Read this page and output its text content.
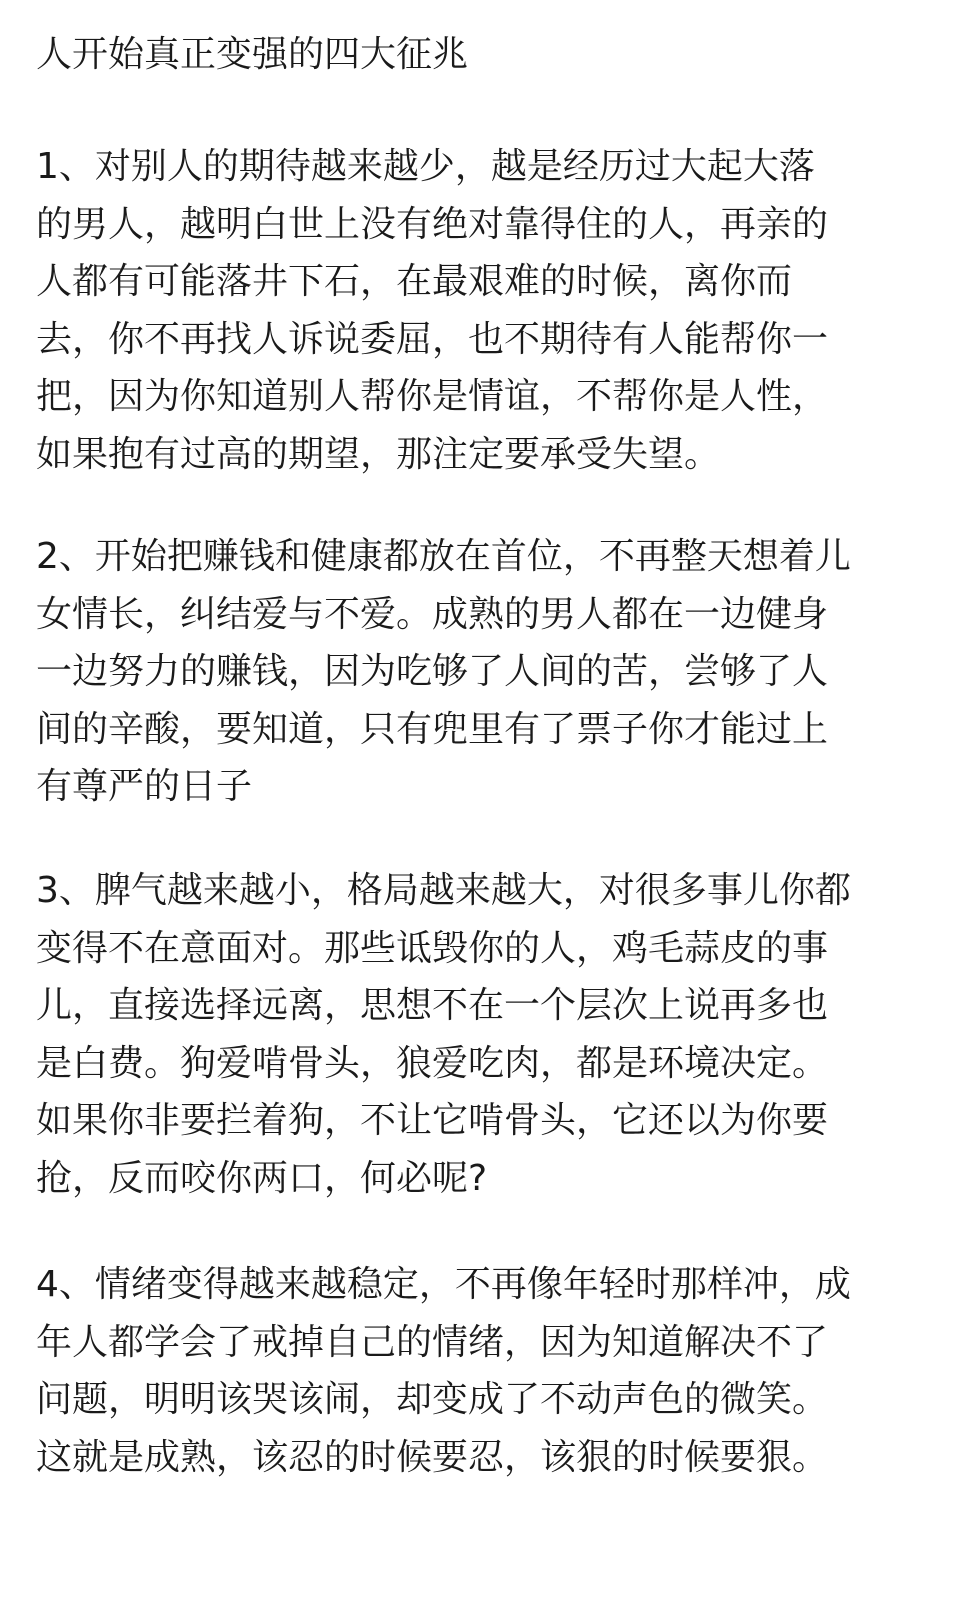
人开始真正变强的四大征兆
1、对别人的期待越来越少，越是经历过大起大落
的男人，越明白世上没有绝对靠得住的人，再亲的
人都有可能落井下石，在最艰难的时候，离你而
去，你不再找人诉说委屈，也不期待有人能帮你一
把，因为你知道别人帮你是情谊，不帮你是人性，
如果抱有过高的期望，那注定要承受失望。
2、开始把赚钱和健康都放在首位，不再整天想着儿
女情长，纠结爱与不爱。成熟的男人都在一边健身
一边努力的赚钱，因为吃够了人间的苦，尝够了人
间的辛酸，要知道，只有兜里有了票子你才能过上
有尊严的日子
3、脾气越来越小，格局越来越大，对很多事儿你都
变得不在意面对。那些诋毁你的人，鸡毛蒜皮的事
儿，直接选择远离，思想不在一个层次上说再多也
是白费。狗爱啃骨头，狼爱吃肉，都是环境决定。
如果你非要拦着狗，不让它啃骨头，它还以为你要
抢，反而咬你两口，何必呢?
4、情绪变得越来越稳定，不再像年轻时那样冲，成
年人都学会了戒掉自己的情绪，因为知道解决不了
问题，明明该哭该闹，却变成了不动声色的微笑。
这就是成熟，该忍的时候要忍，该狠的时候要狠。
